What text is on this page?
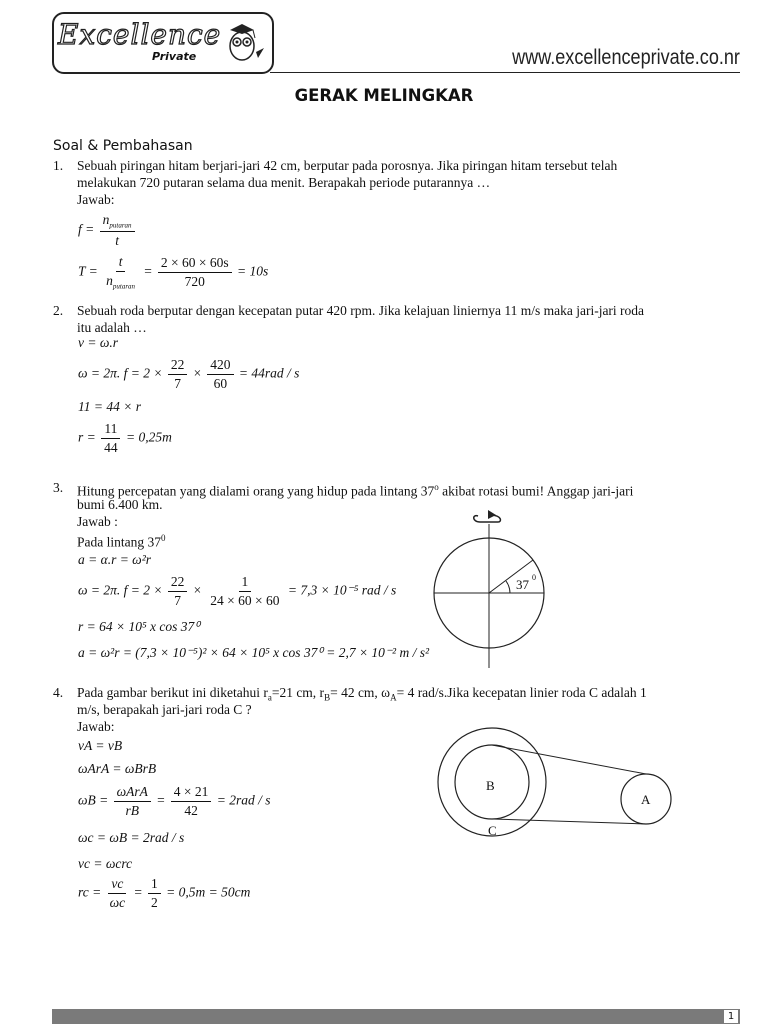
Excellence
Private	www.excellenceprivate.co.nr
GERAK MELINGKAR
Soal & Pembahasan
1.	Sebuah piringan hitam berjari-jari 42 cm, berputar pada porosnya. Jika piringan hitam tersebut telah
melakukan 720 putaran selama dua menit. Berapakah periode putarannya …
Jawab:
$f = \frac{n_{putaran}}{t}$
$T = \frac{t}{n_{putaran}} = \frac{2 \times 60 \times 60s}{720} = 10s$
2.	Sebuah roda berputar dengan kecepatan putar 420 rpm. Jika kelajuan liniernya 11 m/s maka jari-jari roda
itu adalah …
v = ω.r
ω = 2π. $f = 2 \times \frac{22}{7} \times \frac{420}{60} = 44rad / s$
11 = 44 × r
$r = \frac{11}{44} = 0,25m$
3.	Hitung percepatan yang dialami orang yang hidup pada lintang 37$^o$ akibat rotasi bumi! Anggap jari-jari
bumi 6.400 km.
Jawab :
Pada lintang $37^0$
a = α.r = ω²r
ω = 2π. $f = 2 \times \frac{22}{7} \times \frac{1}{24 \times 60 \times 60} = 7,3 \times 10^{-5}$ rad / s
r = 64 × 10⁵ x cos 37⁰
a = ω²r = (7,3 × 10⁻⁵)² × 64 × 10⁵ x cos 37⁰ = 2,7 × 10⁻² m / s²
37 0
4.	Pada gambar berikut ini diketahui $r_a=21$ cm, $r_B= 42$ cm, $\omega_A= 4$ rad/s.Jika kecepatan linier roda C adalah 1
m/s, berapakah jari-jari roda C ?
Jawab:
vA = vB
ωArA = ωBrB
$\omega B = \frac{\text{ωArA}}{rB} = \frac{4 \times 21}{42} = 2rad / s$
ωc = ωB = 2rad / s
vc = ωcrc
rc = $\frac{vc}{\omega c} = \frac{1}{2} = 0,5m = 50cm$
B
A
C
1
